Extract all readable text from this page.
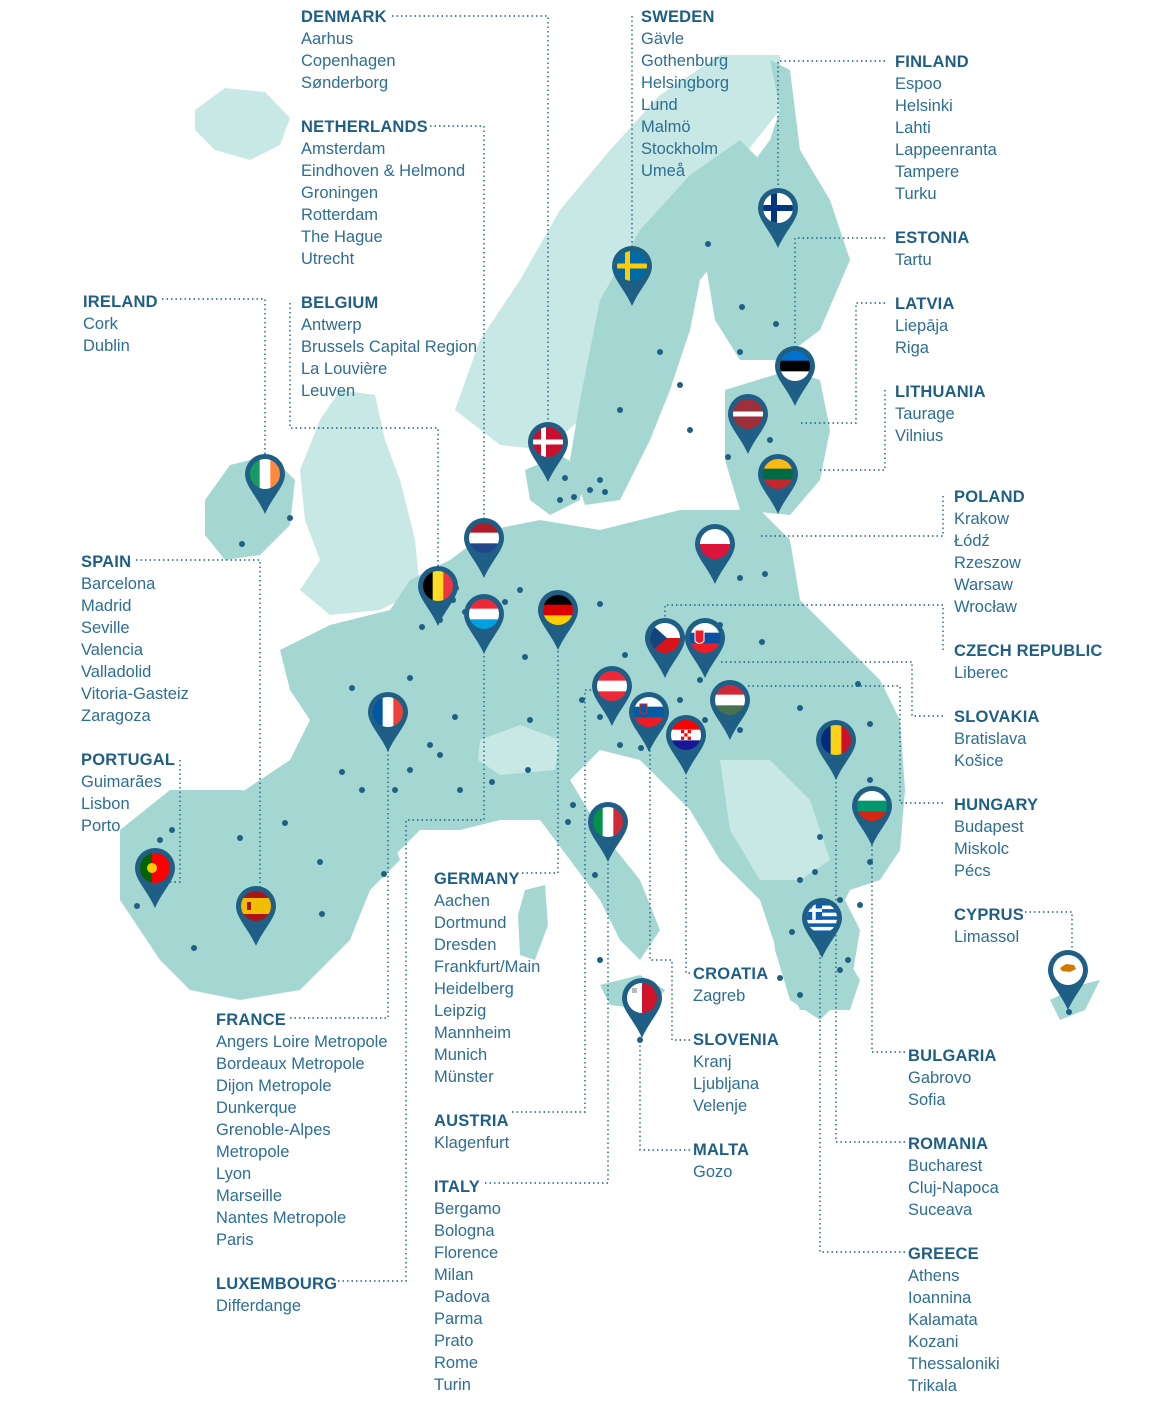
DENMARK
Aarhus
Copenhagen
Sønderborg
SWEDEN
Gävle
Gothenburg
Helsingborg
Lund
Malmö
Stockholm
Umeå
FINLAND
Espoo
Helsinki
Lahti
Lappeenranta
Tampere
Turku
NETHERLANDS
Amsterdam
Eindhoven & Helmond
Groningen
Rotterdam
The Hague
Utrecht
ESTONIA
Tartu
IRELAND
Cork
Dublin
BELGIUM
Antwerp
Brussels Capital Region
La Louvière
Leuven
LATVIA
Liepāja
Riga
LITHUANIA
Taurage
Vilnius
POLAND
Krakow
Łódź
Rzeszow
Warsaw
Wrocław
SPAIN
Barcelona
Madrid
Seville
Valencia
Valladolid
Vitoria-Gasteiz
Zaragoza
CZECH REPUBLIC
Liberec
SLOVAKIA
Bratislava
Košice
PORTUGAL
Guimarães
Lisbon
Porto
HUNGARY
Budapest
Miskolc
Pécs
GERMANY
Aachen
Dortmund
Dresden
Frankfurt/Main
Heidelberg
Leipzig
Mannheim
Munich
Münster
CYPRUS
Limassol
CROATIA
Zagreb
FRANCE
Angers Loire Metropole
Bordeaux Metropole
Dijon Metropole
Dunkerque
Grenoble-Alpes
Metropole
Lyon
Marseille
Nantes Metropole
Paris
SLOVENIA
Kranj
Ljubljana
Velenje
BULGARIA
Gabrovo
Sofia
AUSTRIA
Klagenfurt	ROMANIA
Bucharest
Cluj-Napoca
Suceava
MALTA
Gozo
ITALY
Bergamo
Bologna
Florence
Milan
Padova
Parma
Prato
Rome
Turin
GREECE
Athens
Ioannina
Kalamata
Kozani
Thessaloniki
Trikala
LUXEMBOURG
Differdange
